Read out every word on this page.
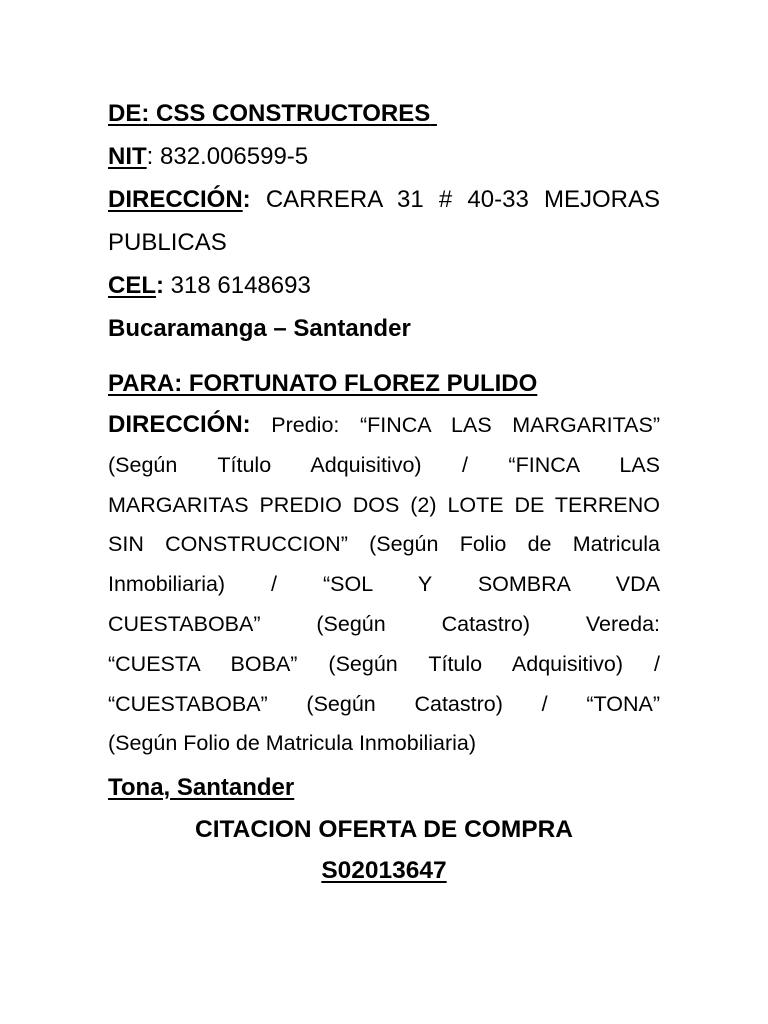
DE: CSS CONSTRUCTORES
NIT: 832.006599-5
DIRECCIÓN: CARRERA 31 # 40-33 MEJORAS
PUBLICAS
CEL: 318 6148693
Bucaramanga – Santander
PARA: FORTUNATO FLOREZ PULIDO
DIRECCIÓN: Predio: “FINCA LAS MARGARITAS”
(Según Título Adquisitivo) / “FINCA LAS
MARGARITAS PREDIO DOS (2) LOTE DE TERRENO
SIN CONSTRUCCION” (Según Folio de Matricula
Inmobiliaria) / “SOL Y SOMBRA VDA
CUESTABOBA” (Según Catastro) Vereda:
“CUESTA BOBA” (Según Título Adquisitivo) /
“CUESTABOBA” (Según Catastro) / “TONA”
(Según Folio de Matricula Inmobiliaria)
Tona, Santander
CITACION OFERTA DE COMPRA
S02013647
